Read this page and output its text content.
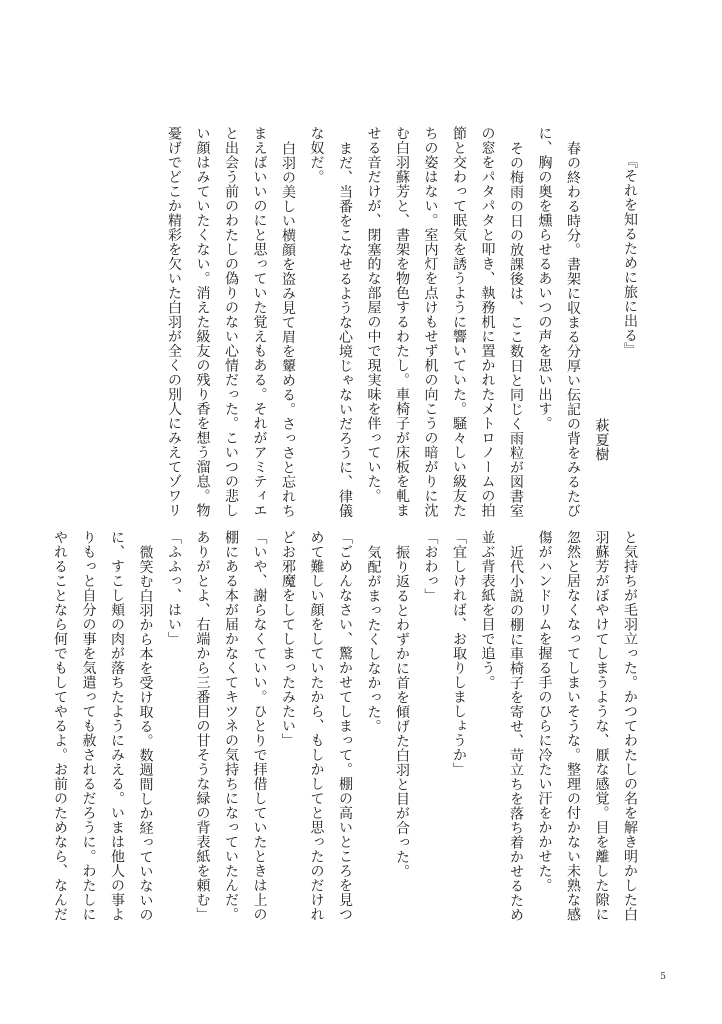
『それを知るために旅に出る』
萩夏樹
春の終わる時分。書架に収まる分厚い伝記の背をみるたび
に、胸の奥を燻らせるあいつの声を思い出す。
その梅雨の日の放課後は、ここ数日と同じく雨粒が図書室
の窓をパタパタと叩き、執務机に置かれたメトロノームの拍
節と交わって眠気を誘うように響いていた。騒々しい級友た
ちの姿はない。室内灯を点けもせず机の向こうの暗がりに沈
む白羽蘇芳と、書架を物色するわたし。車椅子が床板を軋ま
せる音だけが、閉塞的な部屋の中で現実味を伴っていた。
まだ、当番をこなせるような心境じゃないだろうに、律儀
な奴だ。
白羽の美しい横顔を盗み見て眉を顰める。さっさと忘れち
まえばいいのにと思っていた覚えもある。それがアミティエ
と出会う前のわたしの偽りのない心情だった。こいつの悲し
い顔はみていたくない。消えた級友の残り香を想う溜息。物
憂げでどこか精彩を欠いた白羽が全くの別人にみえてゾワリ
と気持ちが毛羽立った。かつてわたしの名を解き明かした白
羽蘇芳がぼやけてしまうような、厭な感覚。目を離した隙に
忽然と居なくなってしまいそうな。整理の付かない未熟な感
傷がハンドリムを握る手のひらに冷たい汗をかかせた。
近代小説の棚に車椅子を寄せ、苛立ちを落ち着かせるため
並ぶ背表紙を目で追う。
「宜しければ、お取りしましょうか」
「おわっ」
振り返るとわずかに首を傾げた白羽と目が合った。
気配がまったくしなかった。
「ごめんなさい、驚かせてしまって。棚の高いところを見つ
めて難しい顔をしていたから、もしかしてと思ったのだけれ
どお邪魔をしてしまったみたい」
「いや、謝らなくていい。ひとりで拝借していたときは上の
棚にある本が届かなくてキツネの気持ちになっていたんだ。
ありがとよ、右端から三番目の甘そうな緑の背表紙を頼む」
「ふふっ、はい」
微笑む白羽から本を受け取る。数週間しか経っていないの
に、すこし頬の肉が落ちたようにみえる。いまは他人の事よ
りもっと自分の事を気遣っても赦されるだろうに。わたしに
やれることなら何でもしてやるよ。お前のためなら、なんだ
5
